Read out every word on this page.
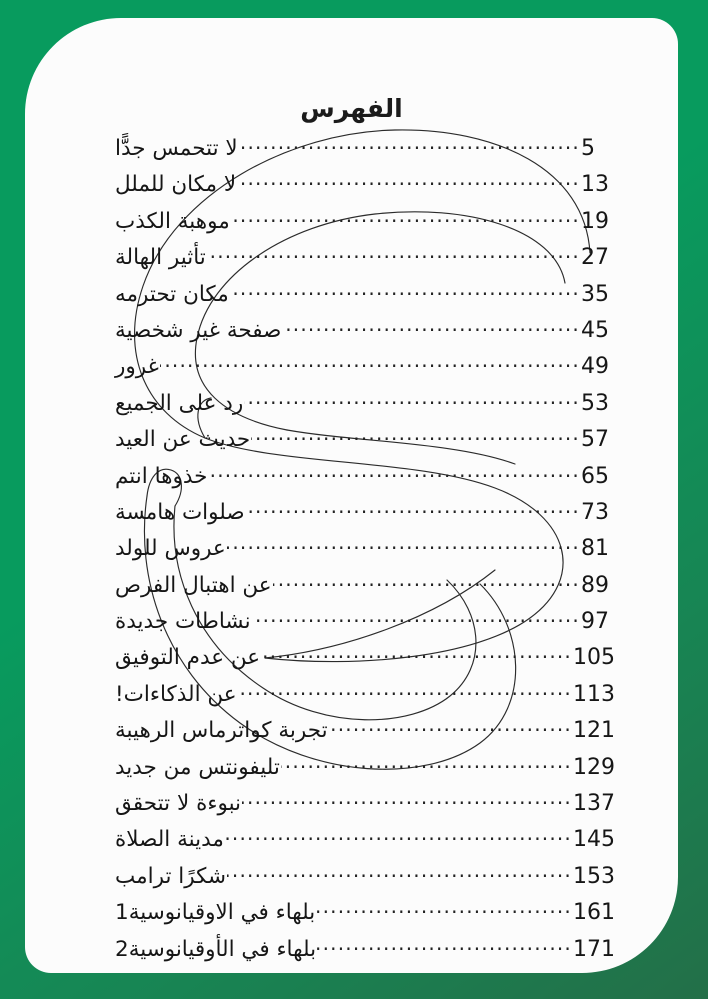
الفهرس
لا تتحمس جدًّا .....	5
لا مكان للملل .....	13
موهبة الكذب .....	19
تأثير الهالة .....	27
مكان تحترمه .....	35
صفحة غير شخصية .....	45
غرور .....	49
رد على الجميع .....	53
حديث عن العيد .....	57
خذوها انتم .....	65
صلوات هامسة .....	73
عروس للولد .....	81
عن اهتبال الفرص .....	89
نشاطات جديدة .....	97
عن عدم التوفيق .....	105
عن الذكاءات! .....	113
تجربة كواترماس الرهيبة .....	121
تليفونتس من جديد .....	129
نبوءة لا تتحقق .....	137
مدينة الصلاة .....	145
شكرًا ترامب .....	153
بلهاء في الاوقيانوسية1 .....	161
بلهاء في الأوقيانوسية2 .....	171
